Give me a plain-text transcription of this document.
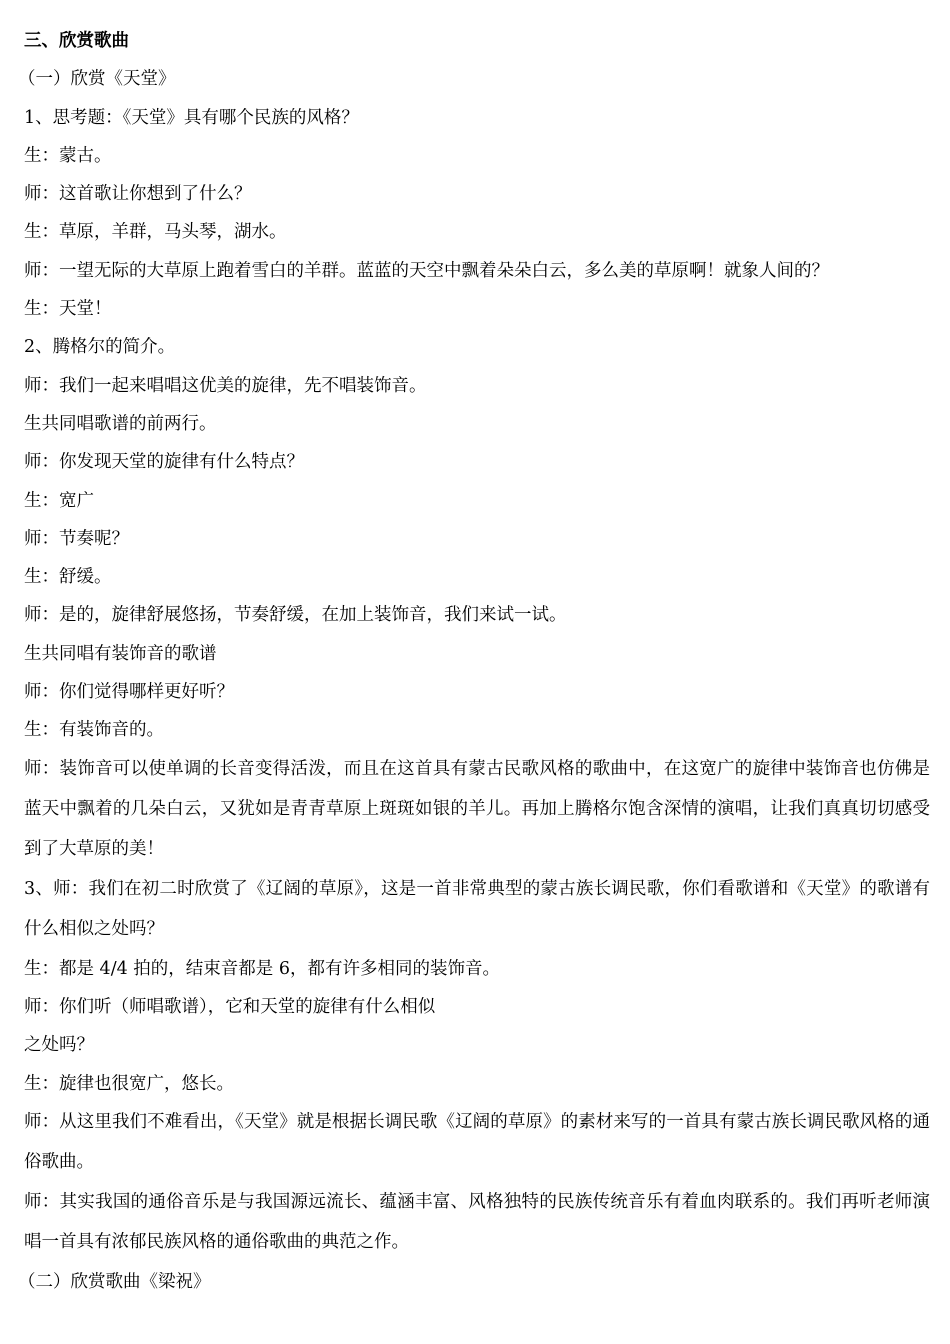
三、欣赏歌曲
（一）欣赏《天堂》
1、思考题：《天堂》具有哪个民族的风格？
生：蒙古。
师：这首歌让你想到了什么？
生：草原，羊群，马头琴，湖水。
师：一望无际的大草原上跑着雪白的羊群。蓝蓝的天空中飘着朵朵白云，多么美的草原啊！就象人间的？
生：天堂！
2、腾格尔的简介。
师：我们一起来唱唱这优美的旋律，先不唱装饰音。
生共同唱歌谱的前两行。
师：你发现天堂的旋律有什么特点？
生：宽广
师：节奏呢？
生：舒缓。
师：是的，旋律舒展悠扬，节奏舒缓，在加上装饰音，我们来试一试。
生共同唱有装饰音的歌谱
师：你们觉得哪样更好听？
生：有装饰音的。
师：装饰音可以使单调的长音变得活泼，而且在这首具有蒙古民歌风格的歌曲中，在这宽广的旋律中装饰音也仿佛是蓝天中飘着的几朵白云，又犹如是青青草原上斑斑如银的羊儿。再加上腾格尔饱含深情的演唱，让我们真真切切感受到了大草原的美！
3、师：我们在初二时欣赏了《辽阔的草原》，这是一首非常典型的蒙古族长调民歌，你们看歌谱和《天堂》的歌谱有什么相似之处吗？
生：都是 4/4 拍的，结束音都是 6，都有许多相同的装饰音。
师：你们听（师唱歌谱），它和天堂的旋律有什么相似
之处吗？
生：旋律也很宽广，悠长。
师：从这里我们不难看出，《天堂》就是根据长调民歌《辽阔的草原》的素材来写的一首具有蒙古族长调民歌风格的通俗歌曲。
师：其实我国的通俗音乐是与我国源远流长、蕴涵丰富、风格独特的民族传统音乐有着血肉联系的。我们再听老师演唱一首具有浓郁民族风格的通俗歌曲的典范之作。
（二）欣赏歌曲《梁祝》
